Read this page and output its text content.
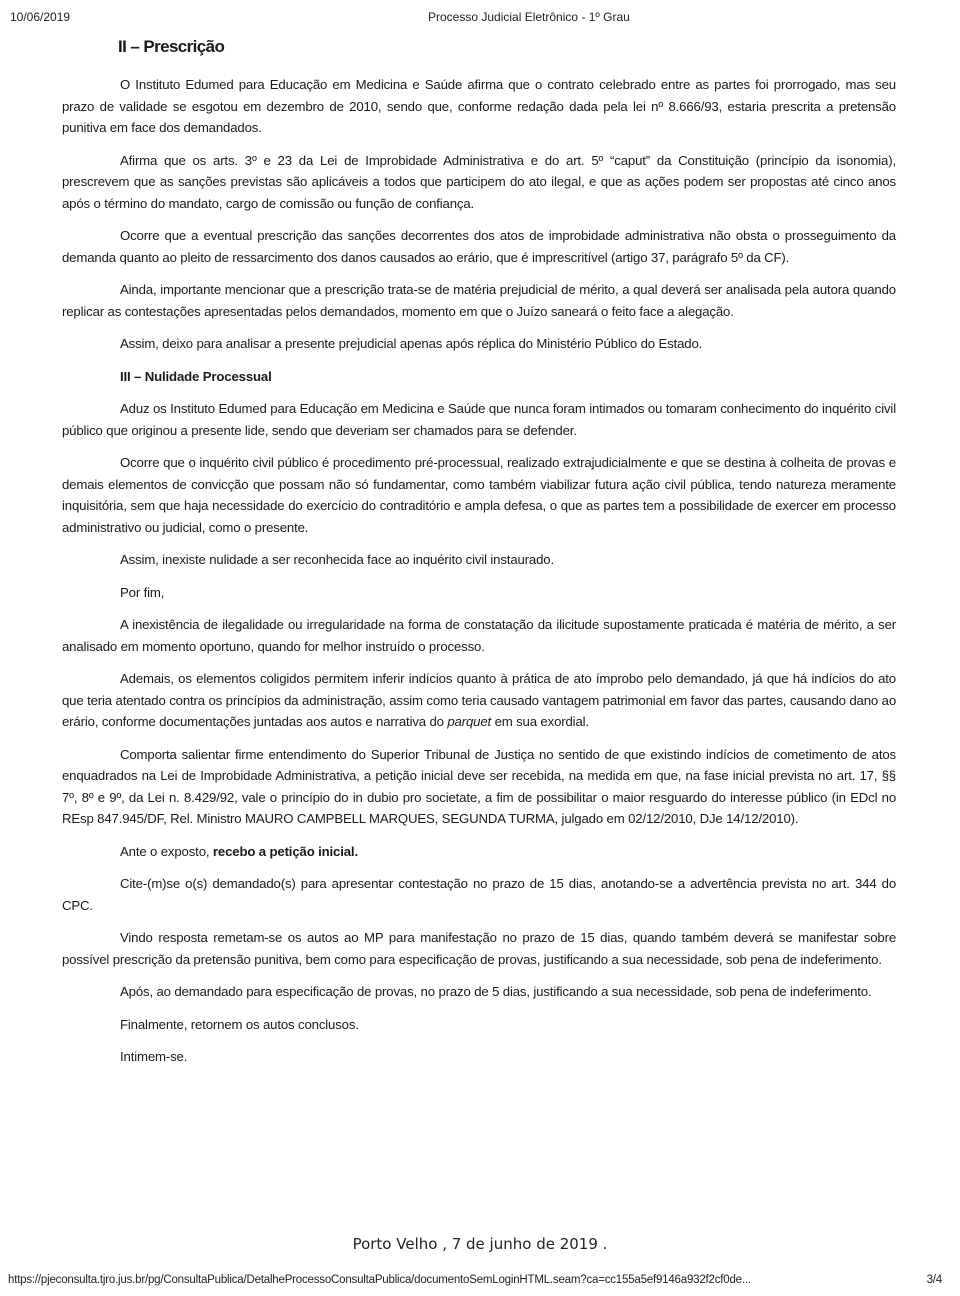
10/06/2019	Processo Judicial Eletrônico - 1º Grau
II – Prescrição

O Instituto Edumed para Educação em Medicina e Saúde afirma que o contrato celebrado entre as partes foi prorrogado, mas seu prazo de validade se esgotou em dezembro de 2010, sendo que, conforme redação dada pela lei nº 8.666/93, estaria prescrita a pretensão punitiva em face dos demandados.

Afirma que os arts. 3º e 23 da Lei de Improbidade Administrativa e do art. 5º “caput” da Constituição (princípio da isonomia), prescrevem que as sanções previstas são aplicáveis a todos que participem do ato ilegal, e que as ações podem ser propostas até cinco anos após o término do mandato, cargo de comissão ou função de confiança.

Ocorre que a eventual prescrição das sanções decorrentes dos atos de improbidade administrativa não obsta o prosseguimento da demanda quanto ao pleito de ressarcimento dos danos causados ao erário, que é imprescritível (artigo 37, parágrafo 5º da CF).

Ainda, importante mencionar que a prescrição trata-se de matéria prejudicial de mérito, a qual deverá ser analisada pela autora quando replicar as contestações apresentadas pelos demandados, momento em que o Juízo saneará o feito face a alegação.

Assim, deixo para analisar a presente prejudicial apenas após réplica do Ministério Público do Estado.

III – Nulidade Processual

Aduz os Instituto Edumed para Educação em Medicina e Saúde que nunca foram intimados ou tomaram conhecimento do inquérito civil público que originou a presente lide, sendo que deveriam ser chamados para se defender.

Ocorre que o inquérito civil público é procedimento pré-processual, realizado extrajudicialmente e que se destina à colheita de provas e demais elementos de convicção que possam não só fundamentar, como também viabilizar futura ação civil pública, tendo natureza meramente inquisitória, sem que haja necessidade do exercício do contraditório e ampla defesa, o que as partes tem a possibilidade de exercer em processo administrativo ou judicial, como o presente.

Assim, inexiste nulidade a ser reconhecida face ao inquérito civil instaurado.

Por fim,

A inexistência de ilegalidade ou irregularidade na forma de constatação da ilicitude supostamente praticada é matéria de mérito, a ser analisado em momento oportuno, quando for melhor instruído o processo.

Ademais, os elementos coligidos permitem inferir indícios quanto à prática de ato ímprobo pelo demandado, já que há indícios do ato que teria atentado contra os princípios da administração, assim como teria causado vantagem patrimonial em favor das partes, causando dano ao erário, conforme documentações juntadas aos autos e narrativa do parquet em sua exordial.

Comporta salientar firme entendimento do Superior Tribunal de Justiça no sentido de que existindo indícios de cometimento de atos enquadrados na Lei de Improbidade Administrativa, a petição inicial deve ser recebida, na medida em que, na fase inicial prevista no art. 17, §§ 7º, 8º e 9º, da Lei n. 8.429/92, vale o princípio do in dubio pro societate, a fim de possibilitar o maior resguardo do interesse público (in EDcl no REsp 847.945/DF, Rel. Ministro MAURO CAMPBELL MARQUES, SEGUNDA TURMA, julgado em 02/12/2010, DJe 14/12/2010).

Ante o exposto, recebo a petição inicial.

Cite-(m)se o(s) demandado(s) para apresentar contestação no prazo de 15 dias, anotando-se a advertência prevista no art. 344 do CPC.

Vindo resposta remetam-se os autos ao MP para manifestação no prazo de 15 dias, quando também deverá se manifestar sobre possível prescrição da pretensão punitiva, bem como para especificação de provas, justificando a sua necessidade, sob pena de indeferimento.

Após, ao demandado para especificação de provas, no prazo de 5 dias, justificando a sua necessidade, sob pena de indeferimento.

Finalmente, retornem os autos conclusos.

Intimem-se.

Porto Velho , 7 de junho de 2019 .
https://pjeconsulta.tjro.jus.br/pg/ConsultaPublica/DetalheProcessoConsultaPublica/documentoSemLoginHTML.seam?ca=cc155a5ef9146a932f2cf0de...	3/4
